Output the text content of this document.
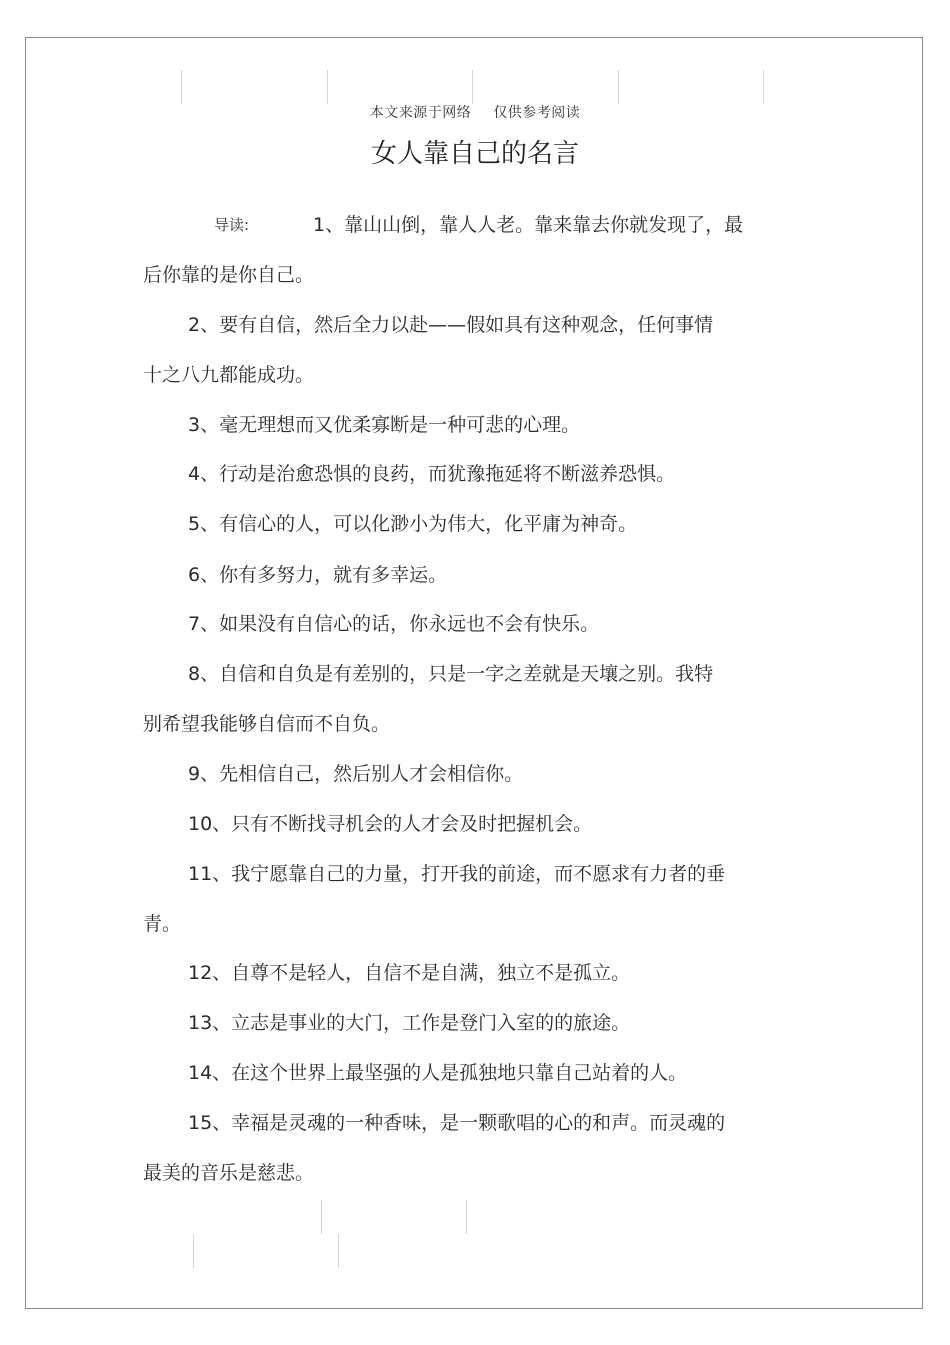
本文来源于网络 仅供参考阅读
女人靠自己的名言
导读:	1、靠山山倒，靠人人老。靠来靠去你就发现了，最
后你靠的是你自己。
2、要有自信，然后全力以赴——假如具有这种观念，任何事情
十之八九都能成功。
3、毫无理想而又优柔寡断是一种可悲的心理。
4、行动是治愈恐惧的良药，而犹豫拖延将不断滋养恐惧。
5、有信心的人，可以化渺小为伟大，化平庸为神奇。
6、你有多努力，就有多幸运。
7、如果没有自信心的话，你永远也不会有快乐。
8、自信和自负是有差别的，只是一字之差就是天壤之别。我特
别希望我能够自信而不自负。
9、先相信自己，然后别人才会相信你。
10、只有不断找寻机会的人才会及时把握机会。
11、我宁愿靠自己的力量，打开我的前途，而不愿求有力者的垂
青。
12、自尊不是轻人，自信不是自满，独立不是孤立。
13、立志是事业的大门，工作是登门入室的的旅途。
14、在这个世界上最坚强的人是孤独地只靠自己站着的人。
15、幸福是灵魂的一种香味，是一颗歌唱的心的和声。而灵魂的
最美的音乐是慈悲。
